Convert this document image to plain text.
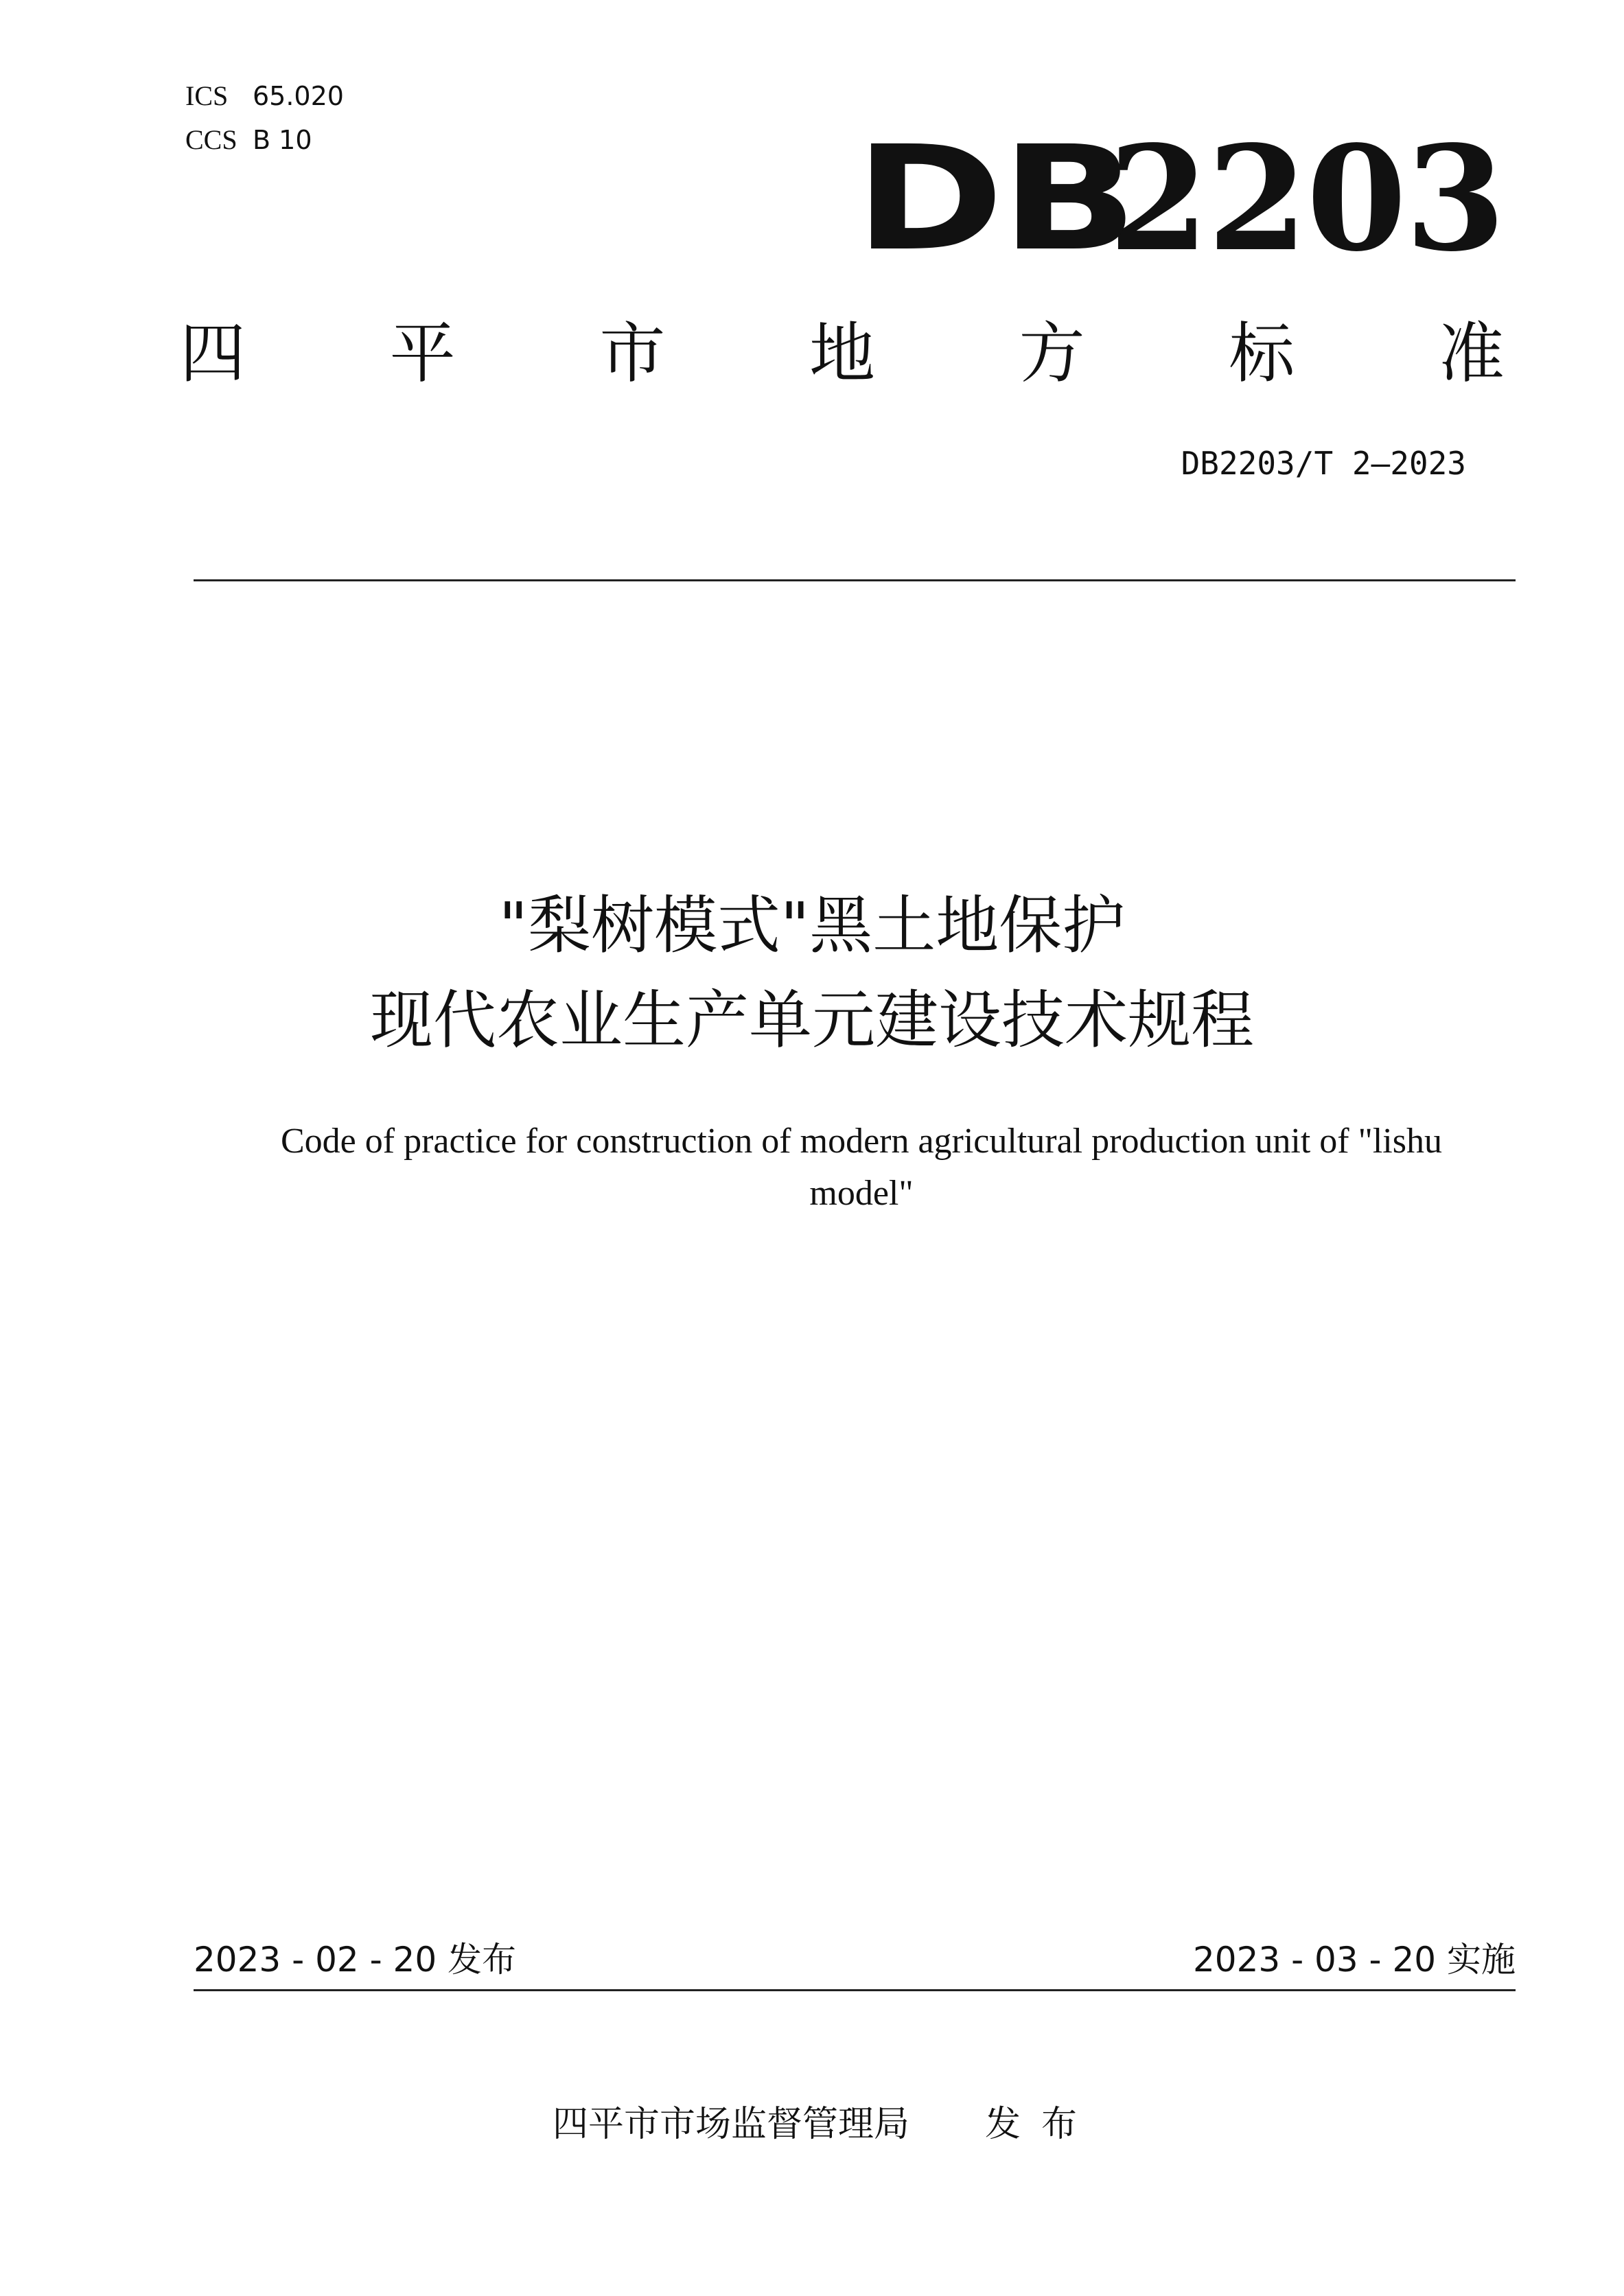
ICS 65.020
CCS B 10	DB
2203
四 平 市 地 方 标 准
DB2203/T 2—2023
"梨树模式"黑土地保护
现代农业生产单元建设技术规程
Code of practice for construction of modern agricultural production unit of "lishu model"
2023 - 02 - 20 发布	2023 - 03 - 20 实施
四平市市场监督管理局 发布
